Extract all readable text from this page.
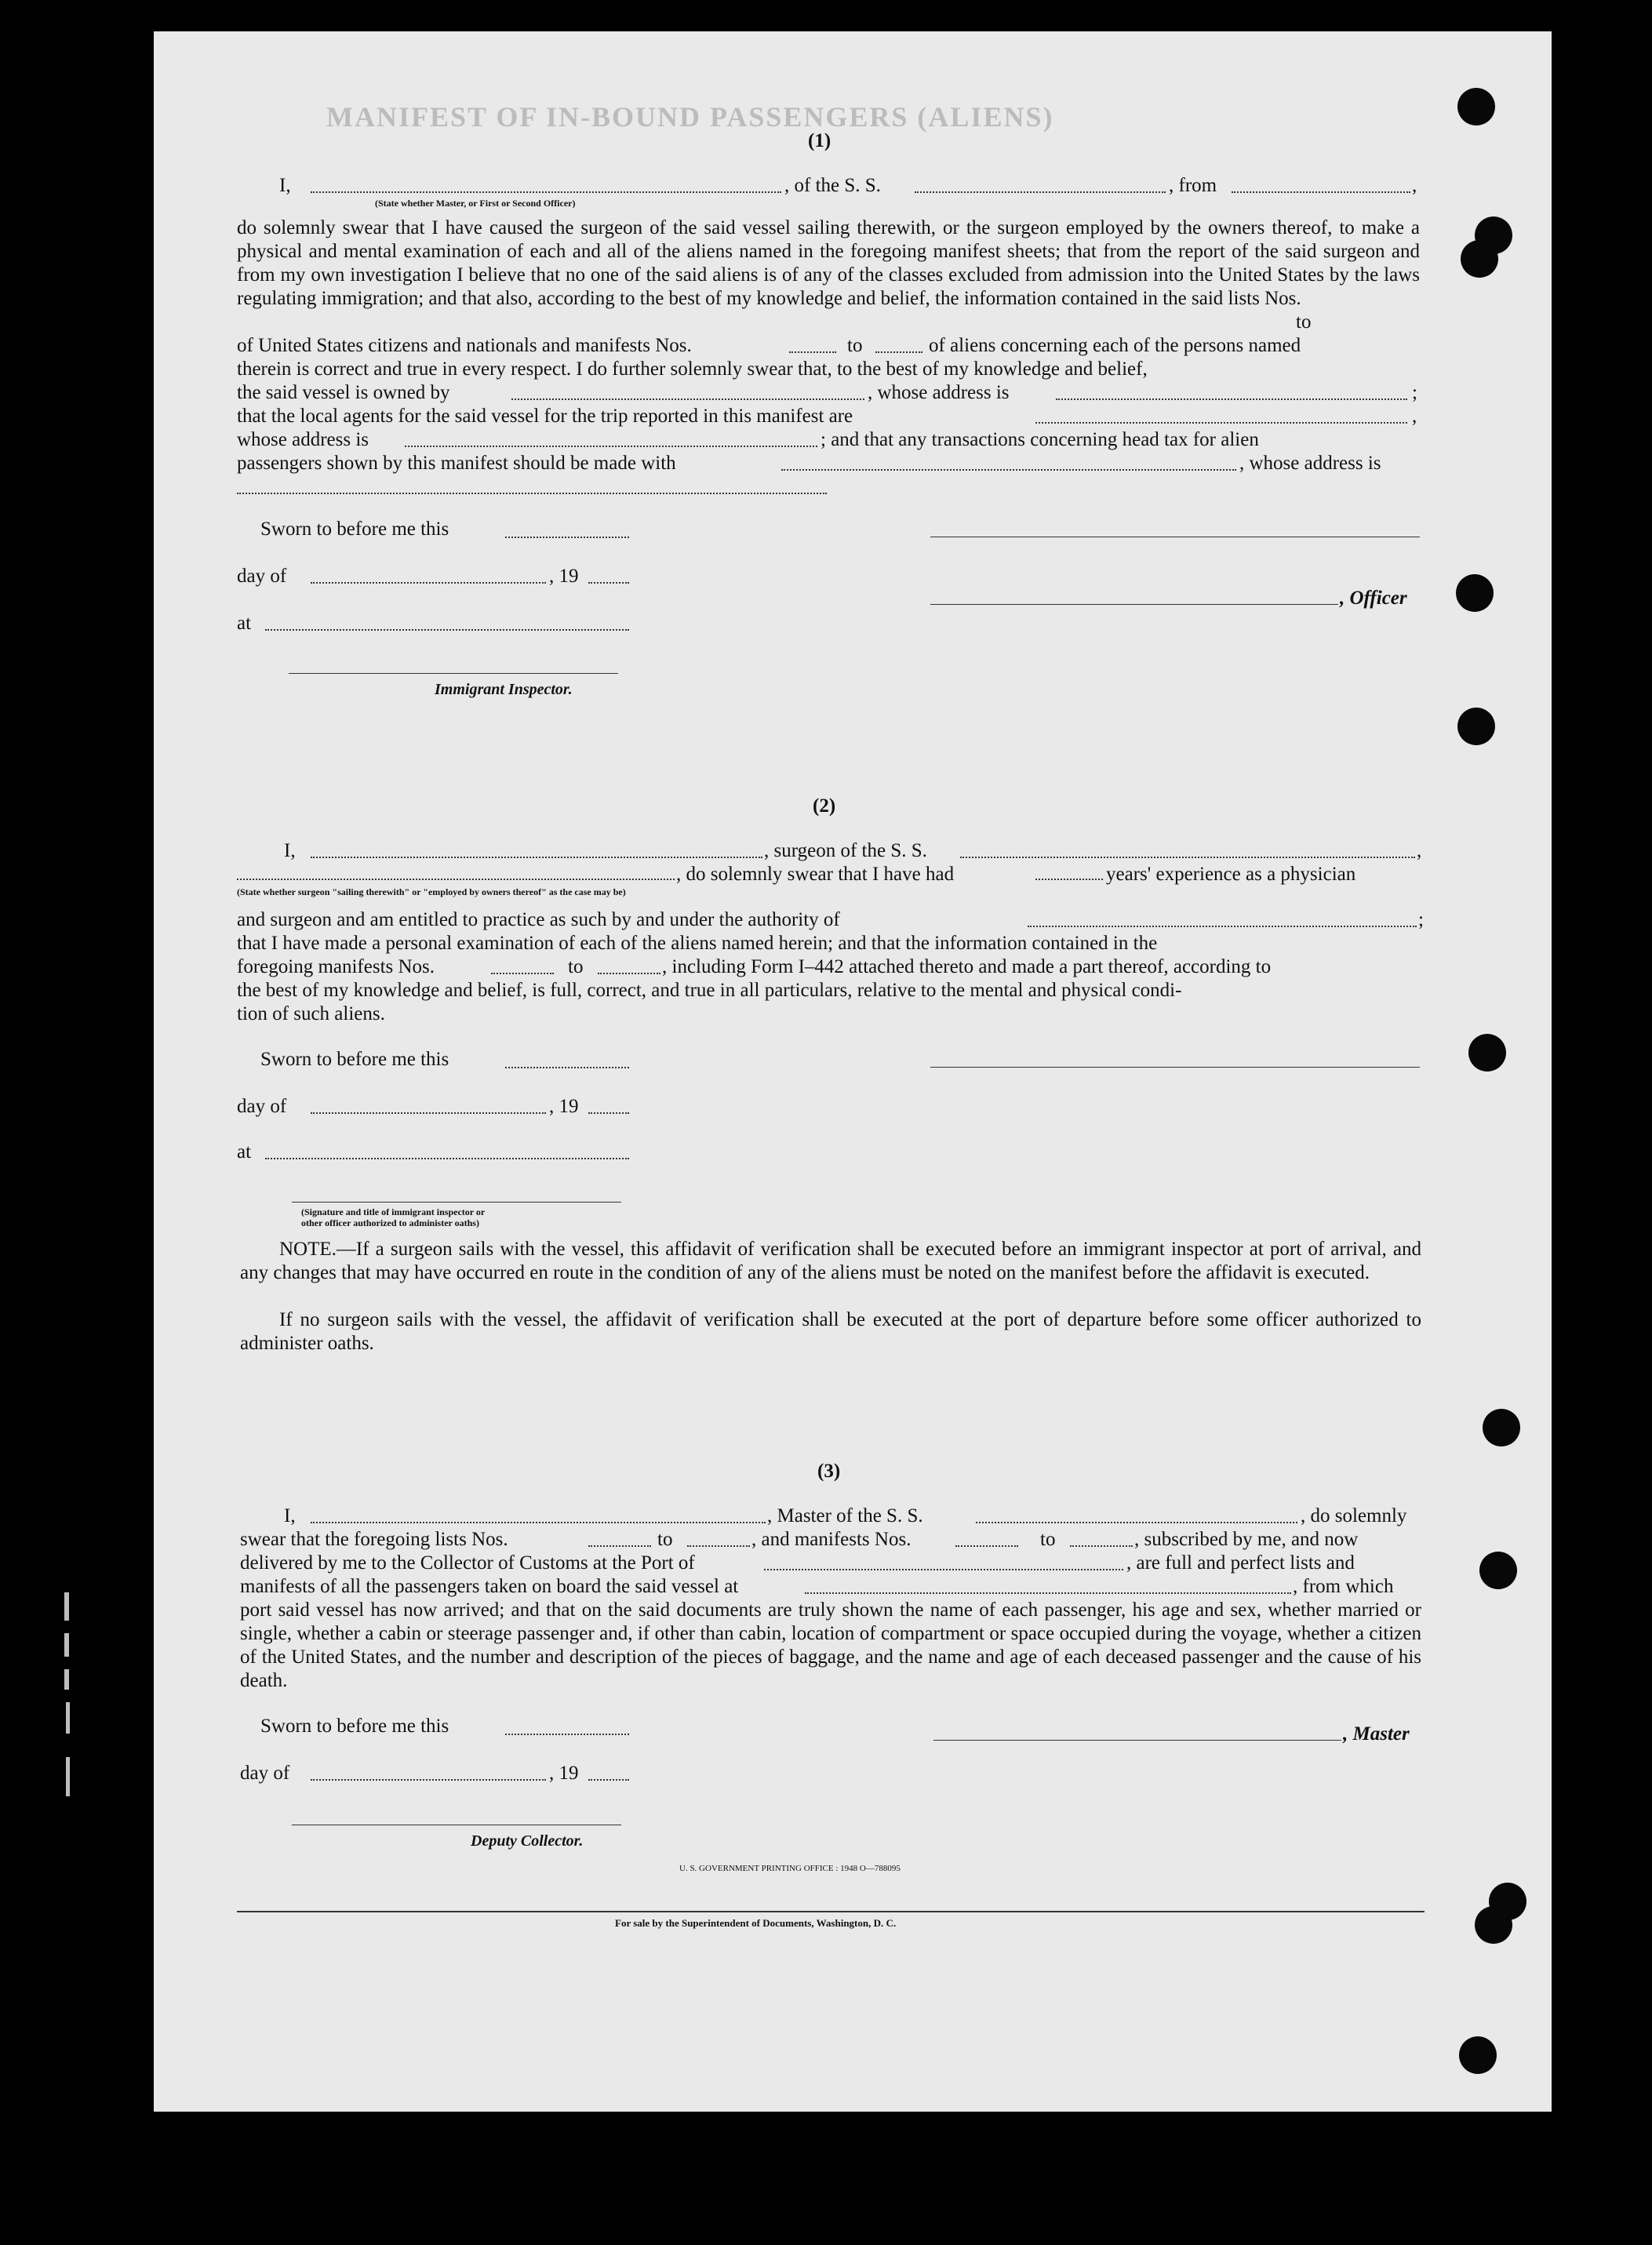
MANIFEST OF IN-BOUND PASSENGERS (ALIENS)
(1)
I,	, of the S. S.	, from	,
(State whether Master, or First or Second Officer)
do solemnly swear that I have caused the surgeon of the said vessel sailing therewith, or the surgeon employed by the owners thereof, to make a physical and mental examination of each and all of the aliens named in the foregoing manifest sheets; that from the report of the said surgeon and from my own investigation I believe that no one of the said aliens is of any of the classes excluded from admission into the United States by the laws regulating immigration; and that also, according to the best of my knowledge and belief, the information contained in the said lists Nos.
to
of United States citizens and nationals and manifests Nos.	to	of aliens concerning each of the persons named
therein is correct and true in every respect. I do further solemnly swear that, to the best of my knowledge and belief,
the said vessel is owned by	, whose address is	;
that the local agents for the said vessel for the trip reported in this manifest are	,
whose address is	; and that any transactions concerning head tax for alien
passengers shown by this manifest should be made with	, whose address is
Sworn to before me this
day of	, 19
, Officer
at
Immigrant Inspector.
(2)
I,	, surgeon of the S. S.	,
, do solemnly swear that I have had	years' experience as a physician
(State whether surgeon "sailing therewith" or "employed by owners thereof" as the case may be)
and surgeon and am entitled to practice as such by and under the authority of	;
that I have made a personal examination of each of the aliens named herein; and that the information contained in the
foregoing manifests Nos.	to	, including Form I–442 attached thereto and made a part thereof, according to
the best of my knowledge and belief, is full, correct, and true in all particulars, relative to the mental and physical condi-
tion of such aliens.
Sworn to before me this
day of	, 19
at
(Signature and title of immigrant inspector or
other officer authorized to administer oaths)
NOTE.—If a surgeon sails with the vessel, this affidavit of verification shall be executed before an immigrant inspector at port of arrival, and any changes that may have occurred en route in the condition of any of the aliens must be noted on the manifest before the affidavit is executed.
If no surgeon sails with the vessel, the affidavit of verification shall be executed at the port of departure before some officer authorized to administer oaths.
(3)
I,	, Master of the S. S.	, do solemnly
swear that the foregoing lists Nos.	to	, and manifests Nos.	to	, subscribed by me, and now
delivered by me to the Collector of Customs at the Port of	, are full and perfect lists and
manifests of all the passengers taken on board the said vessel at	, from which
port said vessel has now arrived; and that on the said documents are truly shown the name of each passenger, his age and sex, whether married or single, whether a cabin or steerage passenger and, if other than cabin, location of compartment or space occupied during the voyage, whether a citizen of the United States, and the number and description of the pieces of baggage, and the name and age of each deceased passenger and the cause of his death.
Sworn to before me this	, Master
day of	, 19
Deputy Collector.
U. S. GOVERNMENT PRINTING OFFICE : 1948 O—788095
For sale by the Superintendent of Documents, Washington, D. C.
